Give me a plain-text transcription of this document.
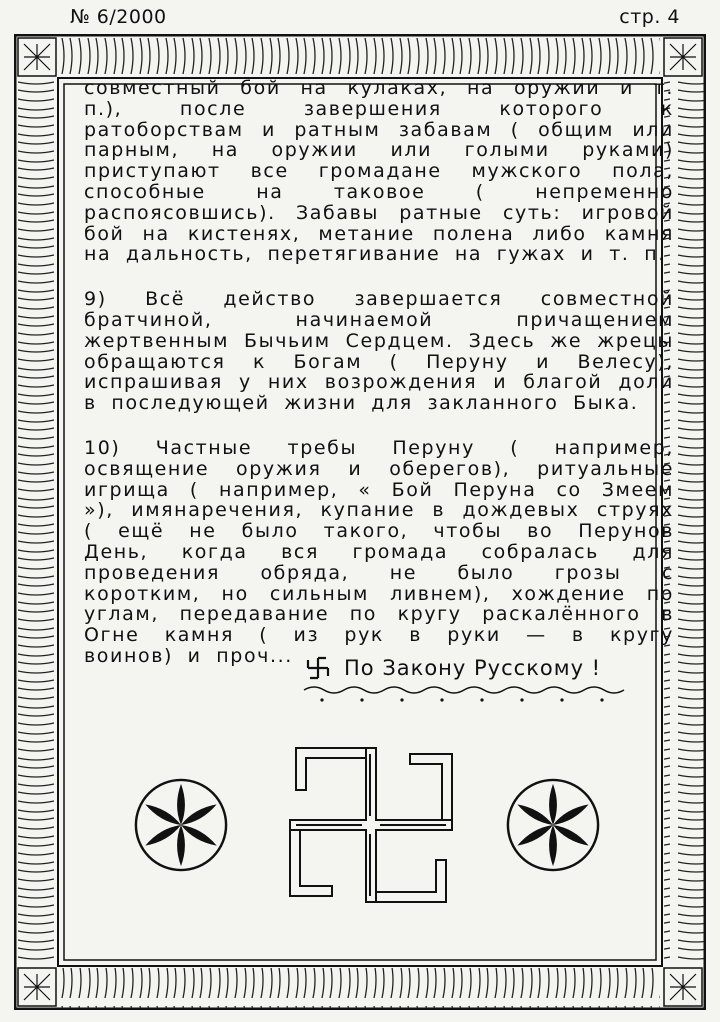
№ 6/2000	стр. 4

совместный бой на кулаках, на оружии и т. п.), после завершения которого к ратоборствам и ратным забавам ( общим или парным, на оружии или голыми руками) приступают все громадане мужского пола, способные на таковое ( непременно распоясовшись). Забавы ратные суть: игровой бой на кистенях, метание полена либо камня на дальность, перетягивание на гужах и т. п.

9) Всё действо завершается совместной братчиной, начинаемой причащением жертвенным Бычьим Сердцем. Здесь же жрецы обращаются к Богам ( Перуну и Велесу), испрашивая у них возрождения и благой доли в последующей жизни для закланного Быка.

10) Частные требы Перуну ( например, освящение оружия и оберегов), ритуальные игрища ( например, « Бой Перуна со Змеем »), имянаречения, купание в дождевых струях ( ещё не было такого, чтобы во Перунов День, когда вся громада собралась для проведения обряда, не было грозы с коротким, но сильным ливнем), хождение по углам, передавание по кругу раскалённого в Огне камня ( из рук в руки — в кругу воинов) и проч...

По Закону Русскому !
